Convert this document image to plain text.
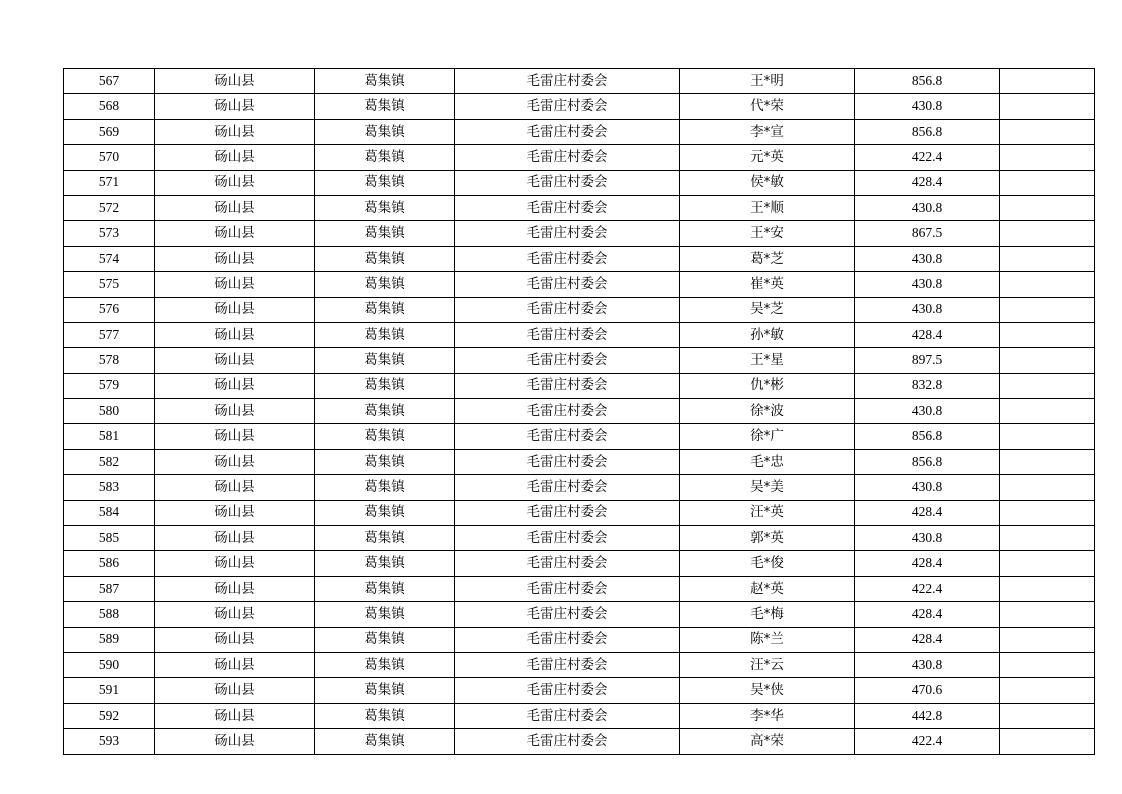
567	砀山县	葛集镇	毛雷庄村委会	王*明	856.8	
568	砀山县	葛集镇	毛雷庄村委会	代*荣	430.8	
569	砀山县	葛集镇	毛雷庄村委会	李*宣	856.8	
570	砀山县	葛集镇	毛雷庄村委会	元*英	422.4	
571	砀山县	葛集镇	毛雷庄村委会	侯*敏	428.4	
572	砀山县	葛集镇	毛雷庄村委会	王*顺	430.8	
573	砀山县	葛集镇	毛雷庄村委会	王*安	867.5	
574	砀山县	葛集镇	毛雷庄村委会	葛*芝	430.8	
575	砀山县	葛集镇	毛雷庄村委会	崔*英	430.8	
576	砀山县	葛集镇	毛雷庄村委会	吴*芝	430.8	
577	砀山县	葛集镇	毛雷庄村委会	孙*敏	428.4	
578	砀山县	葛集镇	毛雷庄村委会	王*星	897.5	
579	砀山县	葛集镇	毛雷庄村委会	仇*彬	832.8	
580	砀山县	葛集镇	毛雷庄村委会	徐*波	430.8	
581	砀山县	葛集镇	毛雷庄村委会	徐*广	856.8	
582	砀山县	葛集镇	毛雷庄村委会	毛*忠	856.8	
583	砀山县	葛集镇	毛雷庄村委会	吴*美	430.8	
584	砀山县	葛集镇	毛雷庄村委会	汪*英	428.4	
585	砀山县	葛集镇	毛雷庄村委会	郭*英	430.8	
586	砀山县	葛集镇	毛雷庄村委会	毛*俊	428.4	
587	砀山县	葛集镇	毛雷庄村委会	赵*英	422.4	
588	砀山县	葛集镇	毛雷庄村委会	毛*梅	428.4	
589	砀山县	葛集镇	毛雷庄村委会	陈*兰	428.4	
590	砀山县	葛集镇	毛雷庄村委会	汪*云	430.8	
591	砀山县	葛集镇	毛雷庄村委会	吴*侠	470.6	
592	砀山县	葛集镇	毛雷庄村委会	李*华	442.8	
593	砀山县	葛集镇	毛雷庄村委会	高*荣	422.4	
